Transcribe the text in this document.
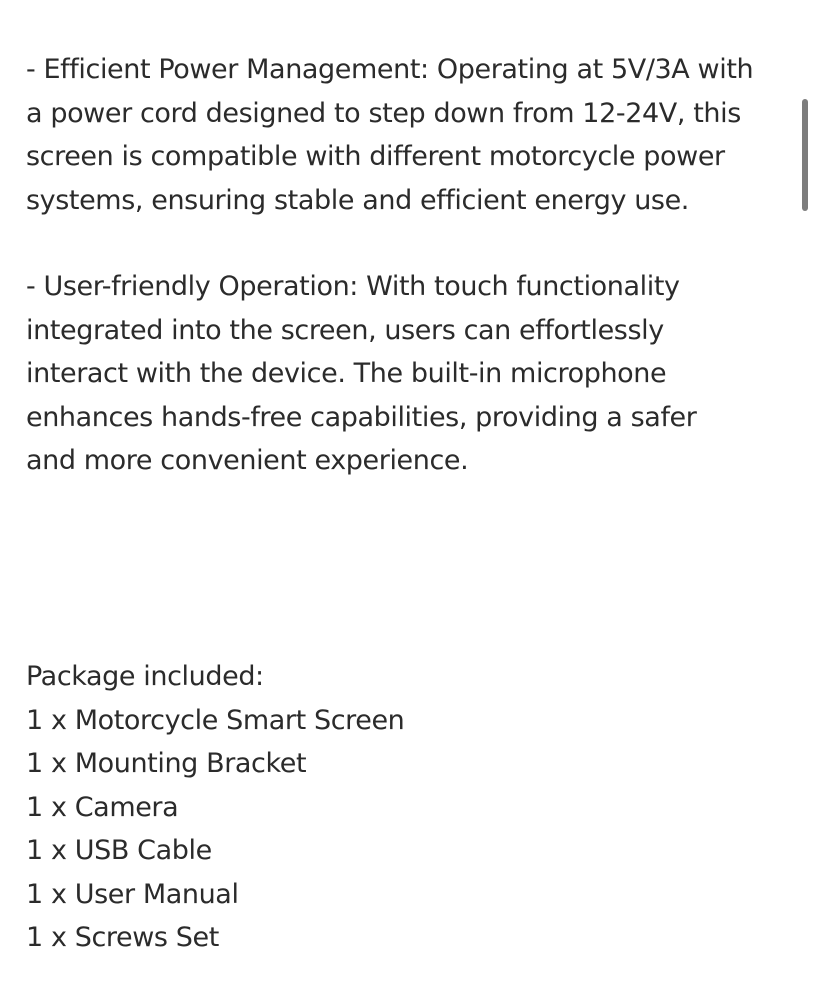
- Efficient Power Management: Operating at 5V/3A with a power cord designed to step down from 12-24V, this screen is compatible with different motorcycle power systems, ensuring stable and efficient energy use.

- User-friendly Operation: With touch functionality integrated into the screen, users can effortlessly interact with the device. The built-in microphone enhances hands-free capabilities, providing a safer and more convenient experience.

Package included:
1 x Motorcycle Smart Screen
1 x Mounting Bracket
1 x Camera
1 x USB Cable
1 x User Manual
1 x Screws Set
